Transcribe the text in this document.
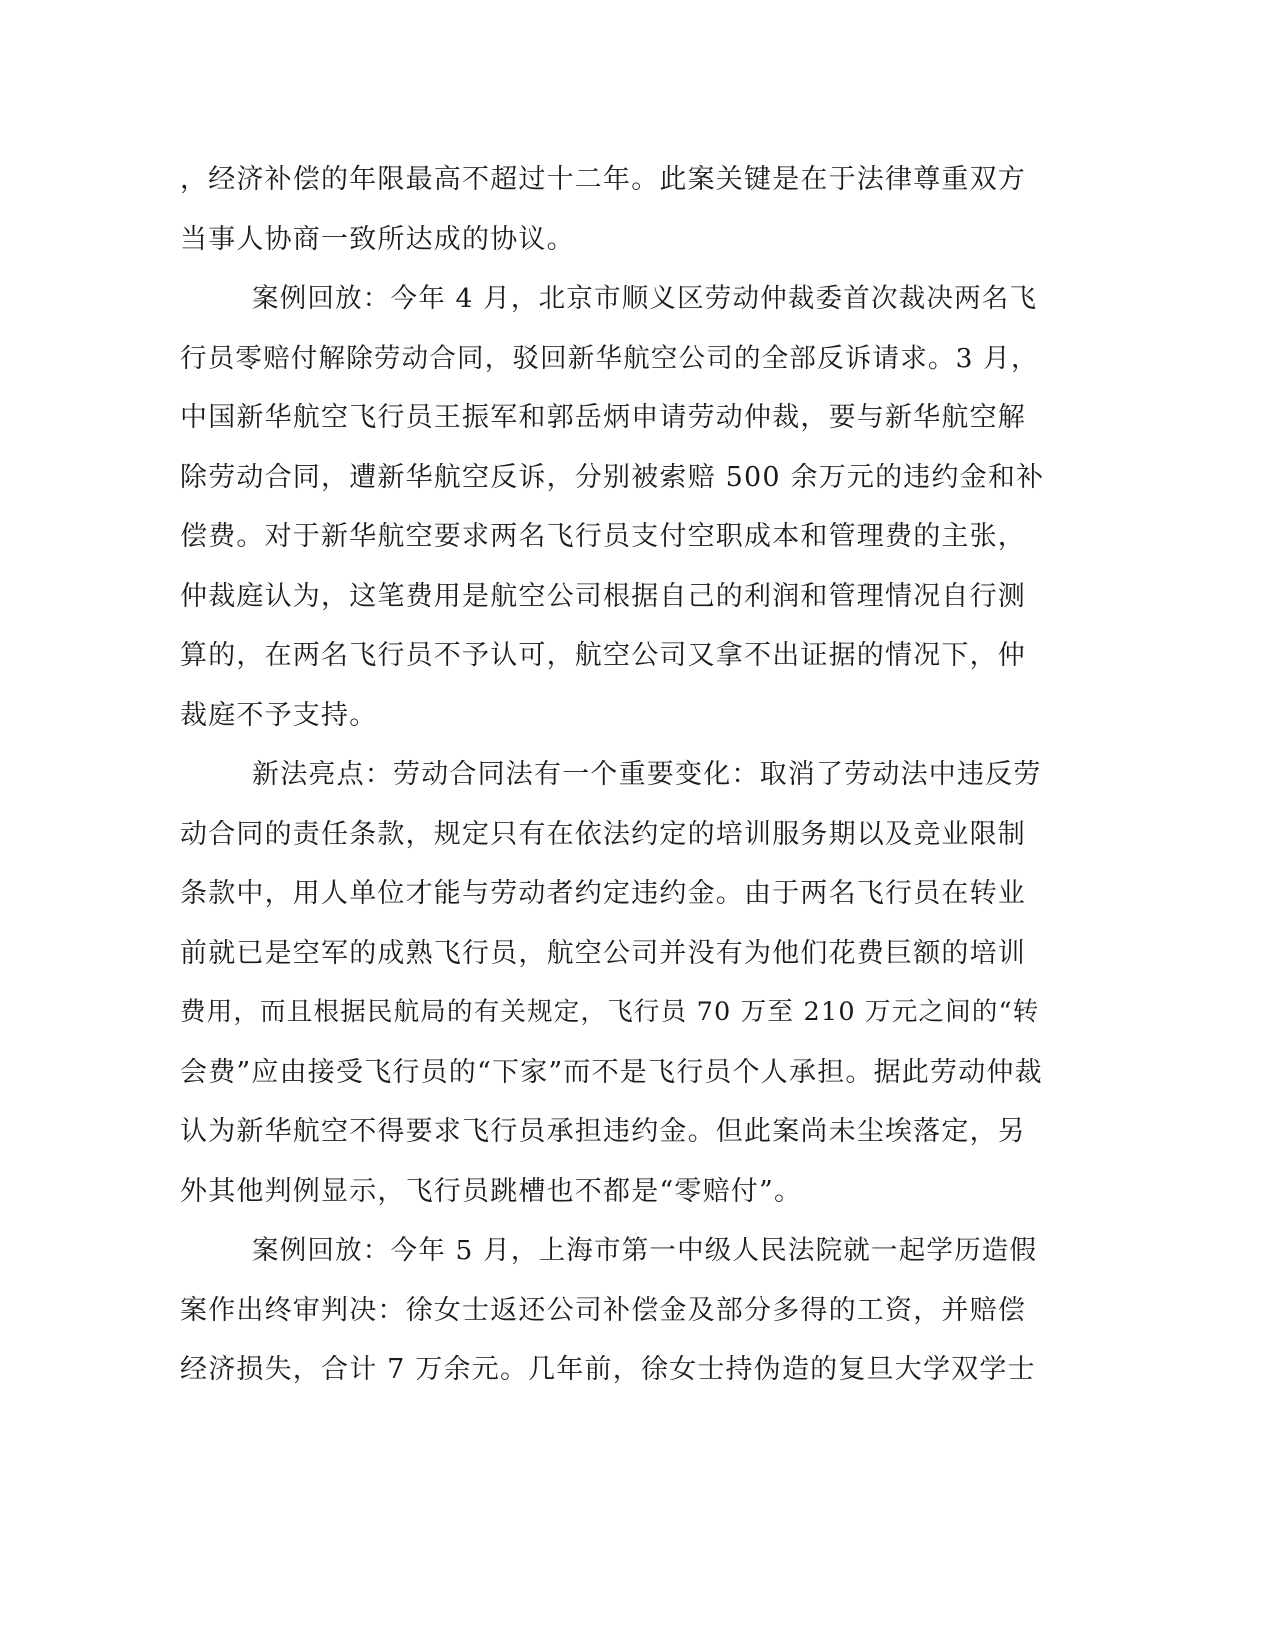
，经济补偿的年限最高不超过十二年。此案关键是在于法律尊重双方
当事人协商一致所达成的协议。
案例回放：今年 4 月，北京市顺义区劳动仲裁委首次裁决两名飞
行员零赔付解除劳动合同，驳回新华航空公司的全部反诉请求。3 月，
中国新华航空飞行员王振军和郭岳炳申请劳动仲裁，要与新华航空解
除劳动合同，遭新华航空反诉，分别被索赔 500 余万元的违约金和补
偿费。对于新华航空要求两名飞行员支付空职成本和管理费的主张，
仲裁庭认为，这笔费用是航空公司根据自己的利润和管理情况自行测
算的，在两名飞行员不予认可，航空公司又拿不出证据的情况下，仲
裁庭不予支持。
新法亮点：劳动合同法有一个重要变化：取消了劳动法中违反劳
动合同的责任条款，规定只有在依法约定的培训服务期以及竞业限制
条款中，用人单位才能与劳动者约定违约金。由于两名飞行员在转业
前就已是空军的成熟飞行员，航空公司并没有为他们花费巨额的培训
费用，而且根据民航局的有关规定，飞行员 70 万至 210 万元之间的“转
会费”应由接受飞行员的“下家”而不是飞行员个人承担。据此劳动仲裁
认为新华航空不得要求飞行员承担违约金。但此案尚未尘埃落定，另
外其他判例显示，飞行员跳槽也不都是“零赔付”。
案例回放：今年 5 月，上海市第一中级人民法院就一起学历造假
案作出终审判决：徐女士返还公司补偿金及部分多得的工资，并赔偿
经济损失，合计 7 万余元。几年前，徐女士持伪造的复旦大学双学士
